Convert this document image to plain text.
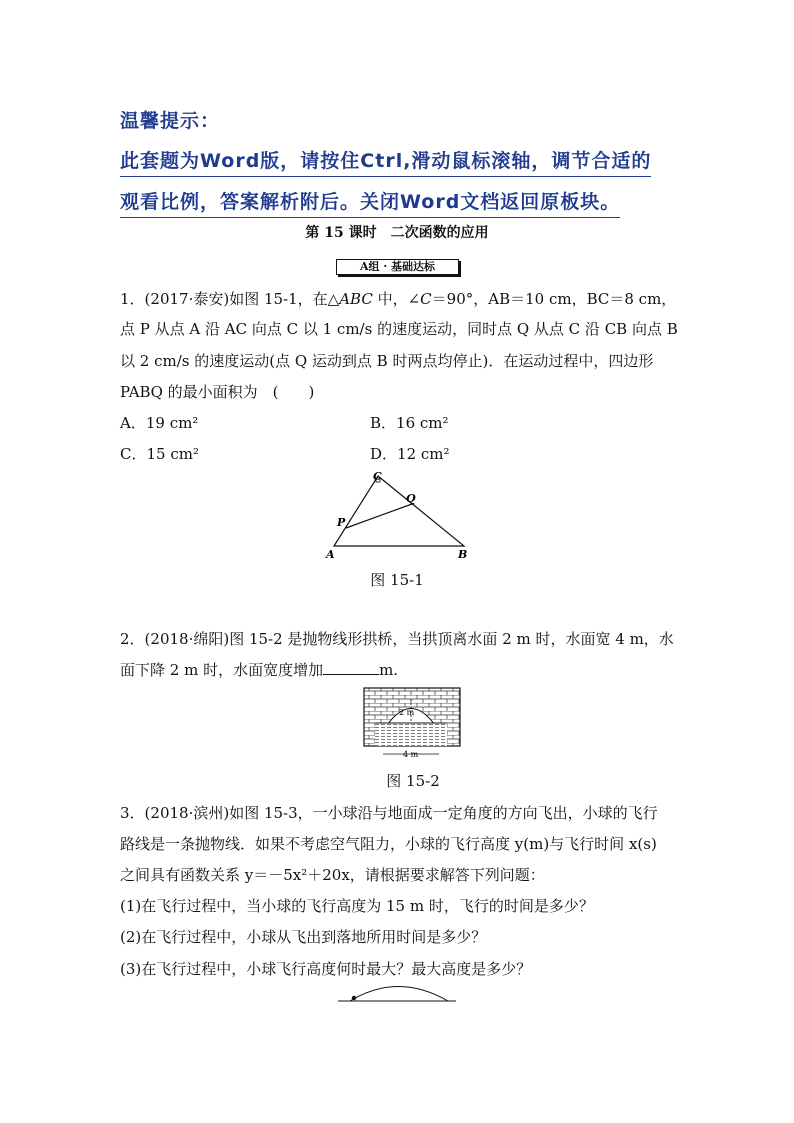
温馨提示：
此套题为Word版，请按住Ctrl,滑动鼠标滚轴，调节合适的
观看比例，答案解析附后。关闭Word文档返回原板块。
第 15 课时 二次函数的应用
A组 · 基础达标
1．(2017·泰安)如图 15-1，在△ABC 中，∠C＝90°，AB＝10 cm，BC＝8 cm，
点 P 从点 A 沿 AC 向点 C 以 1 cm/s 的速度运动，同时点 Q 从点 C 沿 CB 向点 B
以 2 cm/s 的速度运动(点 Q 运动到点 B 时两点均停止)．在运动过程中，四边形
PABQ 的最小面积为　(　　)
A．19 cm²	B．16 cm²
C．15 cm²	D．12 cm²
A	B
C
P
Q
图 15-1
2．(2018·绵阳)图 15-2 是抛物线形拱桥，当拱顶离水面 2 m 时，水面宽 4 m，水
面下降 2 m 时，水面宽度增加	m.
2 m
4 m
图 15-2
3．(2018·滨州)如图 15-3，一小球沿与地面成一定角度的方向飞出，小球的飞行
路线是一条抛物线．如果不考虑空气阻力，小球的飞行高度 y(m)与飞行时间 x(s)
之间具有函数关系 y＝－5x²＋20x，请根据要求解答下列问题：
(1)在飞行过程中，当小球的飞行高度为 15 m 时，飞行的时间是多少？
(2)在飞行过程中，小球从飞出到落地所用时间是多少？
(3)在飞行过程中，小球飞行高度何时最大？最大高度是多少？
